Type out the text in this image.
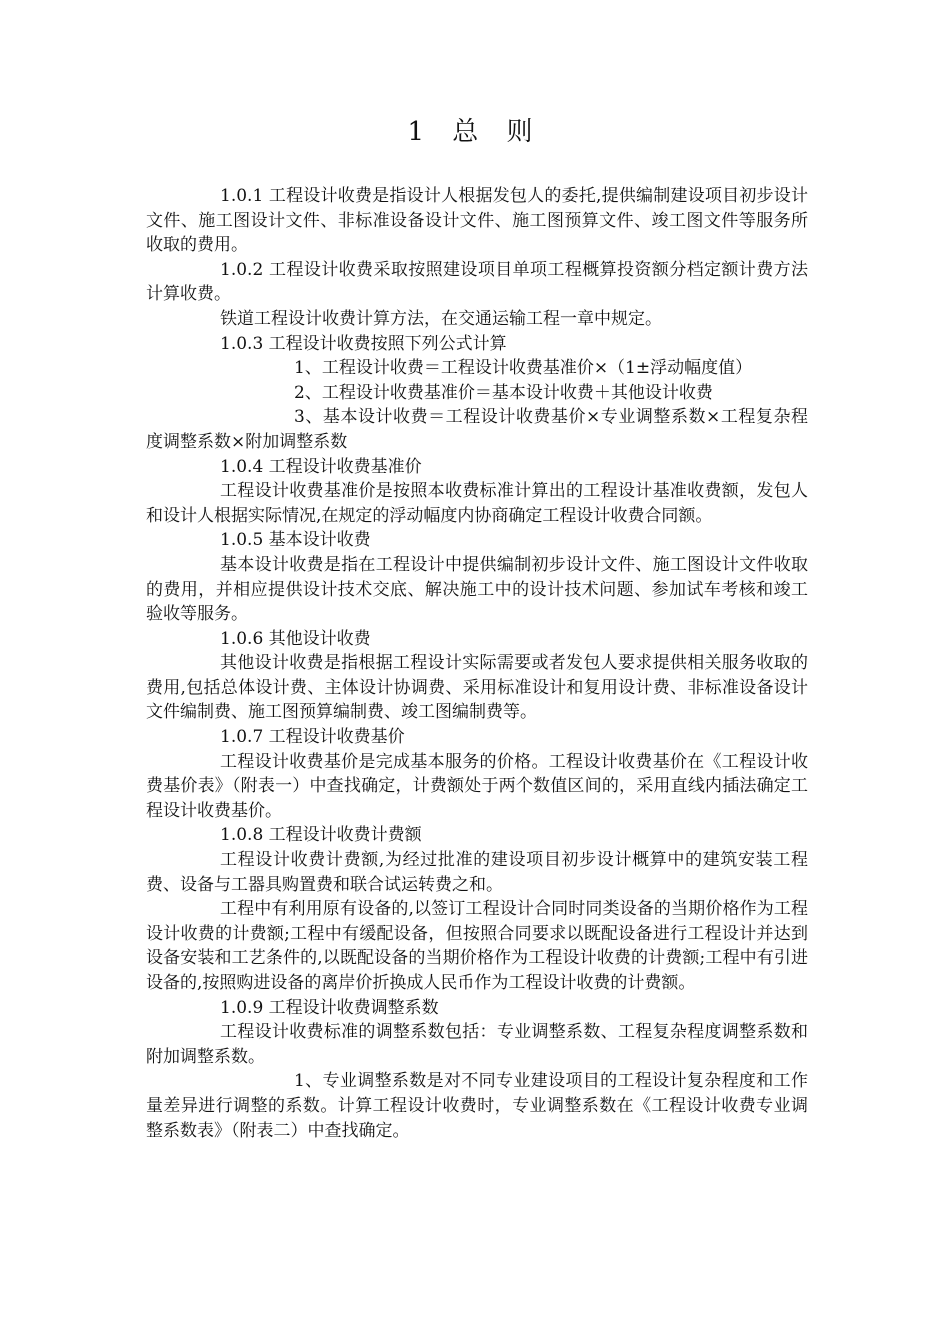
1 总 则

1.0.1 工程设计收费是指设计人根据发包人的委托,提供编制建设项目初步设计文件、施工图设计文件、非标准设备设计文件、施工图预算文件、竣工图文件等服务所收取的费用。

1.0.2 工程设计收费采取按照建设项目单项工程概算投资额分档定额计费方法计算收费。

铁道工程设计收费计算方法，在交通运输工程一章中规定。

1.0.3 工程设计收费按照下列公式计算

1、工程设计收费＝工程设计收费基准价×（1±浮动幅度值）

2、工程设计收费基准价＝基本设计收费＋其他设计收费

3、基本设计收费＝工程设计收费基价×专业调整系数×工程复杂程度调整系数×附加调整系数

1.0.4 工程设计收费基准价

工程设计收费基准价是按照本收费标准计算出的工程设计基准收费额，发包人和设计人根据实际情况,在规定的浮动幅度内协商确定工程设计收费合同额。

1.0.5 基本设计收费

基本设计收费是指在工程设计中提供编制初步设计文件、施工图设计文件收取的费用，并相应提供设计技术交底、解决施工中的设计技术问题、参加试车考核和竣工验收等服务。

1.0.6 其他设计收费

其他设计收费是指根据工程设计实际需要或者发包人要求提供相关服务收取的费用,包括总体设计费、主体设计协调费、采用标准设计和复用设计费、非标准设备设计文件编制费、施工图预算编制费、竣工图编制费等。

1.0.7 工程设计收费基价

工程设计收费基价是完成基本服务的价格。工程设计收费基价在《工程设计收费基价表》（附表一）中查找确定，计费额处于两个数值区间的，采用直线内插法确定工程设计收费基价。

1.0.8 工程设计收费计费额

工程设计收费计费额,为经过批准的建设项目初步设计概算中的建筑安装工程费、设备与工器具购置费和联合试运转费之和。

工程中有利用原有设备的,以签订工程设计合同时同类设备的当期价格作为工程设计收费的计费额;工程中有缓配设备，但按照合同要求以既配设备进行工程设计并达到设备安装和工艺条件的,以既配设备的当期价格作为工程设计收费的计费额;工程中有引进设备的,按照购进设备的离岸价折换成人民币作为工程设计收费的计费额。

1.0.9 工程设计收费调整系数

工程设计收费标准的调整系数包括：专业调整系数、工程复杂程度调整系数和附加调整系数。

1、专业调整系数是对不同专业建设项目的工程设计复杂程度和工作量差异进行调整的系数。计算工程设计收费时，专业调整系数在《工程设计收费专业调整系数表》（附表二）中查找确定。
